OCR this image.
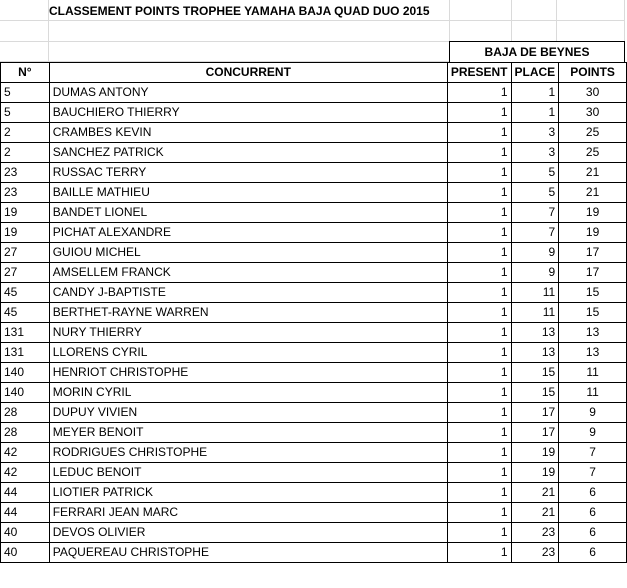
CLASSEMENT POINTS TROPHEE YAMAHA BAJA QUAD DUO 2015
BAJA DE BEYNES
N°	CONCURRENT	PRESENT	PLACE	POINTS
5	DUMAS ANTONY	1	1	30
5	BAUCHIERO THIERRY	1	1	30
2	CRAMBES KEVIN	1	3	25
2	SANCHEZ PATRICK	1	3	25
23	RUSSAC TERRY	1	5	21
23	BAILLE MATHIEU	1	5	21
19	BANDET LIONEL	1	7	19
19	PICHAT ALEXANDRE	1	7	19
27	GUIOU MICHEL	1	9	17
27	AMSELLEM FRANCK	1	9	17
45	CANDY J-BAPTISTE	1	11	15
45	BERTHET-RAYNE WARREN	1	11	15
131	NURY THIERRY	1	13	13
131	LLORENS CYRIL	1	13	13
140	HENRIOT CHRISTOPHE	1	15	11
140	MORIN CYRIL	1	15	11
28	DUPUY VIVIEN	1	17	9
28	MEYER BENOIT	1	17	9
42	RODRIGUES CHRISTOPHE	1	19	7
42	LEDUC BENOIT	1	19	7
44	LIOTIER PATRICK	1	21	6
44	FERRARI JEAN MARC	1	21	6
40	DEVOS OLIVIER	1	23	6
40	PAQUEREAU CHRISTOPHE	1	23	6
